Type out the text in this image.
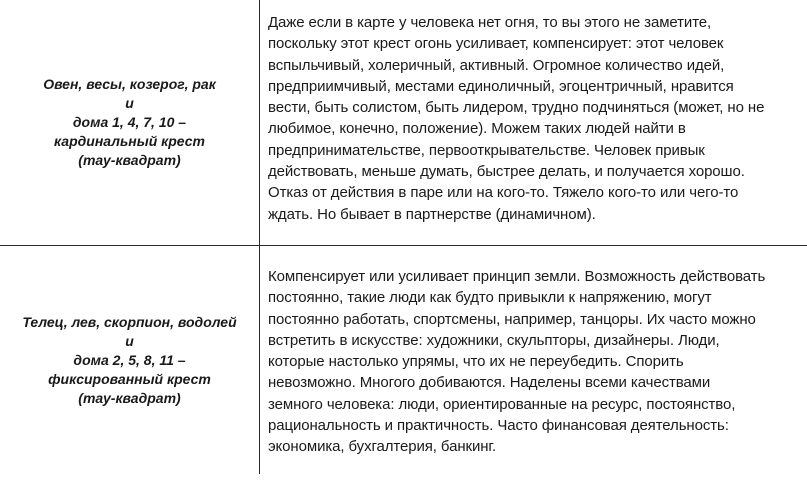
Овен, весы, козерог, рак
и
дома 1, 4, 7, 10 –
кардинальный крест
(тау-квадрат)

Даже если в карте у человека нет огня, то вы этого не заметите,
поскольку этот крест огонь усиливает, компенсирует: этот человек
вспыльчивый, холеричный, активный. Огромное количество идей,
предприимчивый, местами единоличный, эгоцентричный, нравится
вести, быть солистом, быть лидером, трудно подчиняться (может, но не
любимое, конечно, положение). Можем таких людей найти в
предпринимательстве, первооткрывательстве. Человек привык
действовать, меньше думать, быстрее делать, и получается хорошо.
Отказ от действия в паре или на кого-то. Тяжело кого-то или чего-то
ждать. Но бывает в партнерстве (динамичном).

Телец, лев, скорпион, водолей
и
дома 2, 5, 8, 11 –
фиксированный крест
(тау-квадрат)

Компенсирует или усиливает принцип земли. Возможность действовать
постоянно, такие люди как будто привыкли к напряжению, могут
постоянно работать, спортсмены, например, танцоры. Их часто можно
встретить в искусстве: художники, скульпторы, дизайнеры. Люди,
которые настолько упрямы, что их не переубедить. Спорить
невозможно. Многого добиваются. Наделены всеми качествами
земного человека: люди, ориентированные на ресурс, постоянство,
рациональность и практичность. Часто финансовая деятельность:
экономика, бухгалтерия, банкинг.
